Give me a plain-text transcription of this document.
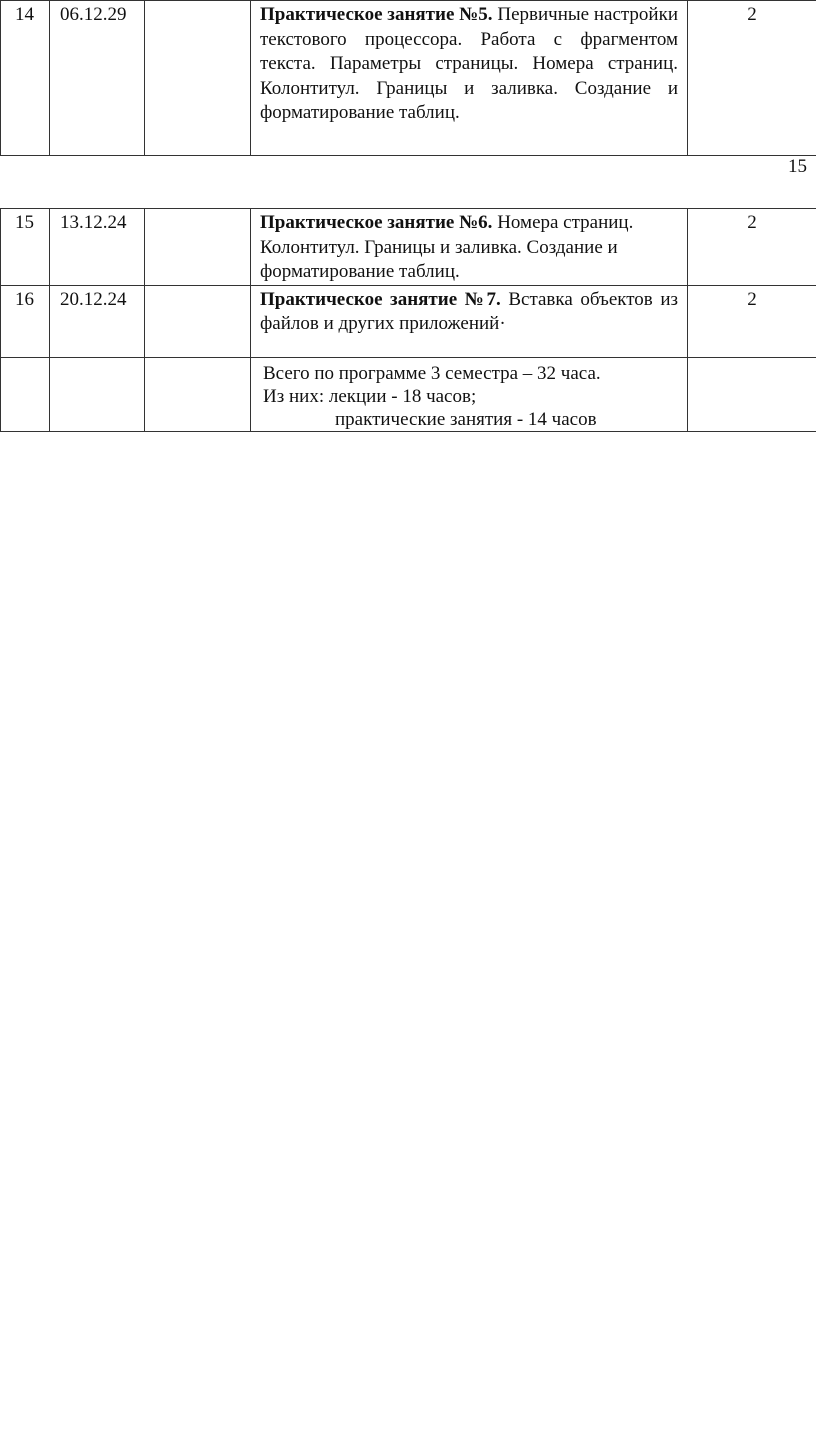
14	06.12.29		Практическое занятие №5. Первичные настройки текстового процессора. Работа с фрагментом текста. Параметры страницы. Номера страниц. Колонтитул. Границы и заливка. Создание и форматирование таблиц.	2
15
15	13.12.24		Практическое занятие №6. Номера страниц. Колонтитул. Границы и заливка. Создание и форматирование таблиц.	2
16	20.12.24		Практическое занятие №7. Вставка объектов из файлов и других приложений·	2

			Всего по программе 3 семестра – 32 часа.
Из них: лекции - 18 часов;
практические занятия - 14 часов	
